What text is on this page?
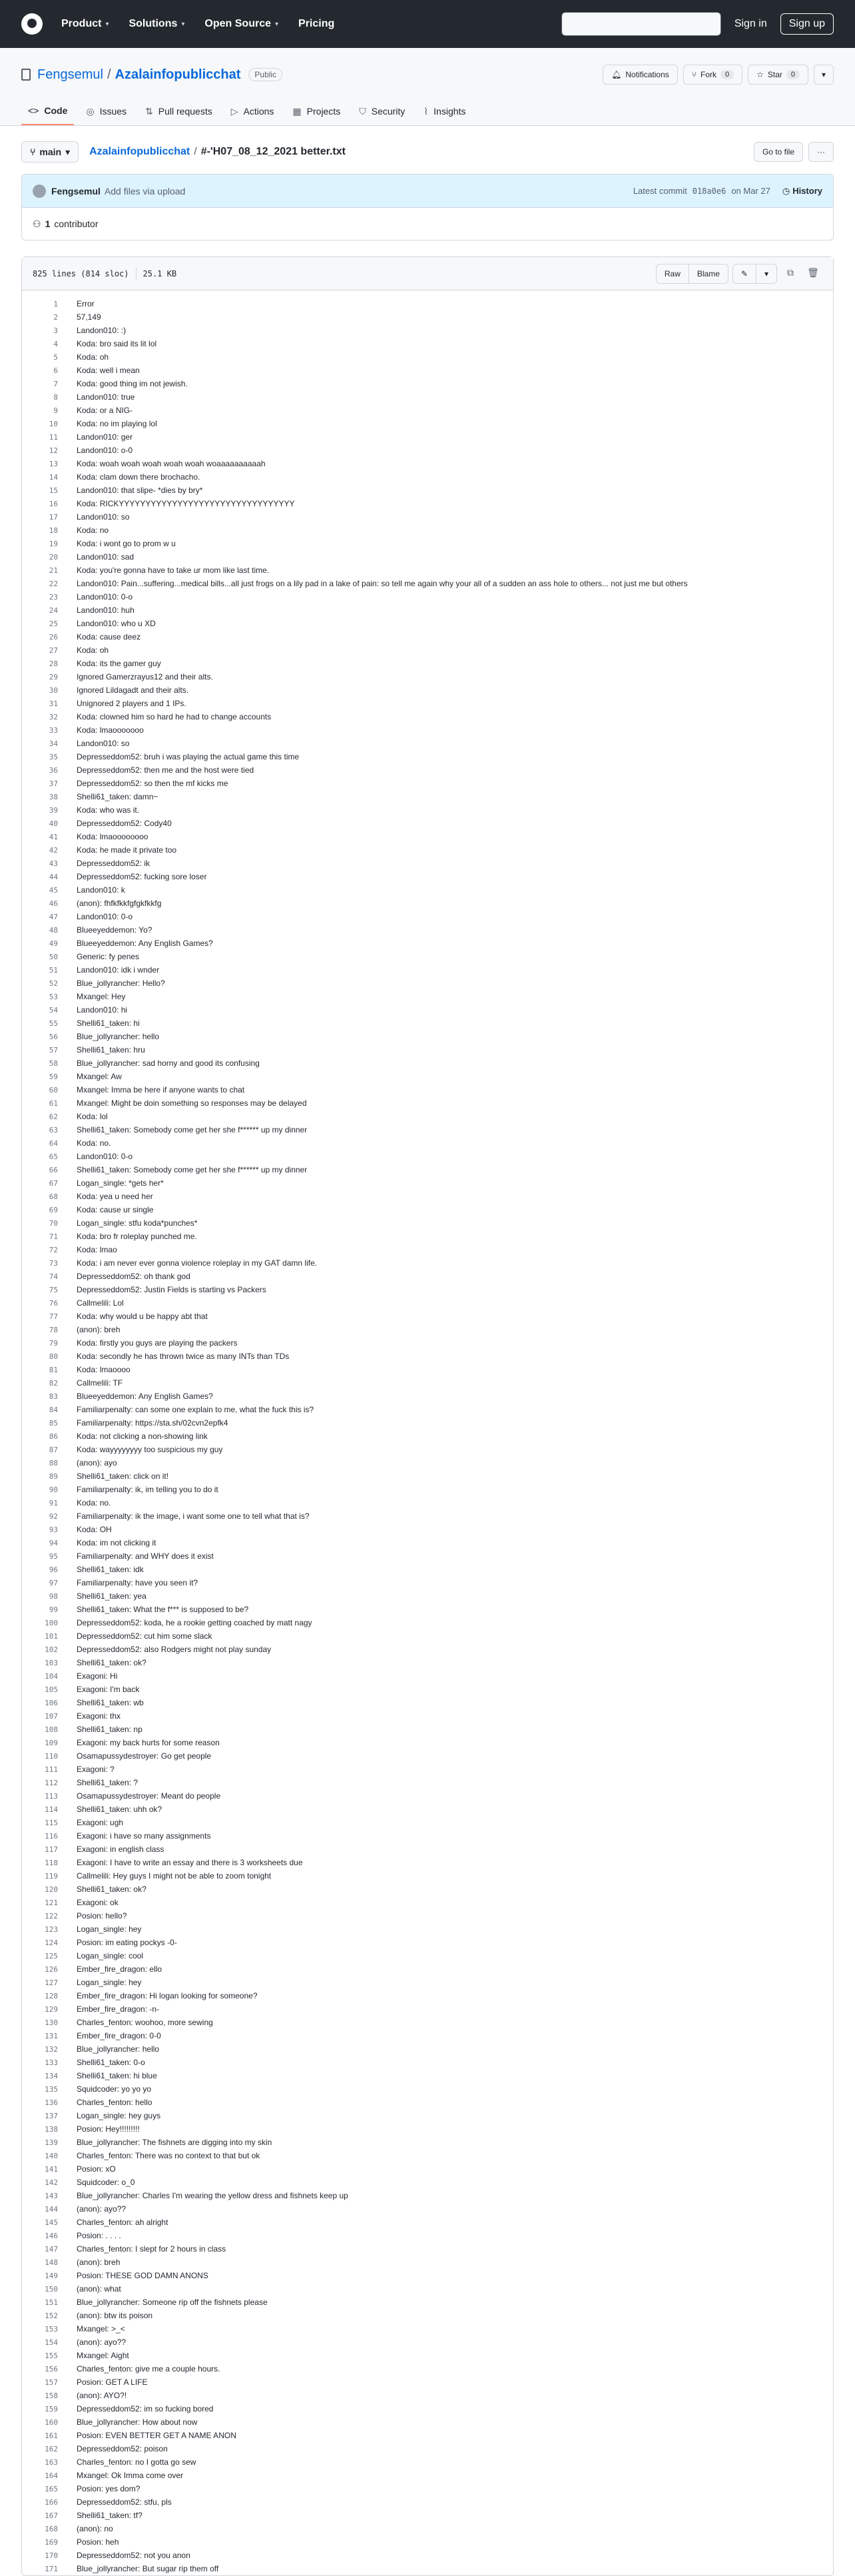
Product ▾ Solutions ▾ Open Source ▾ Pricing	Sign in	Sign up
Fengsemul / Azalainfopublicchat	Public	🔔︎ Notifications	⑂ Fork	0	☆ Star	0	▾
<> Code ◎ Issues ⇅ Pull requests ▷ Actions ▦ Projects ⛉ Security ⌇ Insights
⑂ main ▾ Azalainfopublicchat / #-'H07_08_12_2021 better.txt	Go to file	···
Fengsemul Add files via upload	Latest commit 018a0e6 on Mar 27 ◷ History
⚇ 1 contributor
825 lines (814 sloc) 25.1 KB	Raw	Blame	✎ ▾ ⧉ 🗑︎
1	Error
2	57,149
3	Landon010: :)
4	Koda: bro said its lit lol
5	Koda: oh
6	Koda: well i mean
7	Koda: good thing im not jewish.
8	Landon010: true
9	Koda: or a NIG-
10	Koda: no im playing lol
11	Landon010: ger
12	Landon010: o-0
13	Koda: woah woah woah woah woah woaaaaaaaaaah
14	Koda: clam down there brochacho.
15	Landon010: that slipe- *dies by bry*
16	Koda: RICKYYYYYYYYYYYYYYYYYYYYYYYYYYYYYYYYY
17	Landon010: so
18	Koda: no
19	Koda: i wont go to prom w u
20	Landon010: sad
21	Koda: you're gonna have to take ur mom like last time.
22	Landon010: Pain...suffering...medical bills...all just frogs on a lily pad in a lake of pain: so tell me again why your all of a sudden an ass hole to others... not just me but others
23	Landon010: 0-o
24	Landon010: huh
25	Landon010: who u XD
26	Koda: cause deez
27	Koda: oh
28	Koda: its the gamer guy
29	Ignored Gamerzrayus12 and their alts.
30	Ignored Lildagadt and their alts.
31	Unignored 2 players and 1 IPs.
32	Koda: clowned him so hard he had to change accounts
33	Koda: lmaooooooo
34	Landon010: so
35	Depresseddom52: bruh i was playing the actual game this time
36	Depresseddom52: then me and the host were tied
37	Depresseddom52: so then the mf kicks me
38	Shelli61_taken: damn~
39	Koda: who was it.
40	Depresseddom52: Cody40
41	Koda: lmaoooooooo
42	Koda: he made it private too
43	Depresseddom52: ik
44	Depresseddom52: fucking sore loser
45	Landon010: k
46	(anon): fhfkfkkfgfgkfkkfg
47	Landon010: 0-o
48	Blueeyeddemon: Yo?
49	Blueeyeddemon: Any English Games?
50	Generic: fy penes
51	Landon010: idk i wnder
52	Blue_jollyrancher: Hello?
53	Mxangel: Hey
54	Landon010: hi
55	Shelli61_taken: hi
56	Blue_jollyrancher: hello
57	Shelli61_taken: hru
58	Blue_jollyrancher: sad horny and good its confusing
59	Mxangel: Aw
60	Mxangel: Imma be here if anyone wants to chat
61	Mxangel: Might be doin something so responses may be delayed
62	Koda: lol
63	Shelli61_taken: Somebody come get her she f****** up my dinner
64	Koda: no.
65	Landon010: 0-o
66	Shelli61_taken: Somebody come get her she f****** up my dinner
67	Logan_single: *gets her*
68	Koda: yea u need her
69	Koda: cause ur single
70	Logan_single: stfu koda*punches*
71	Koda: bro fr roleplay punched me.
72	Koda: lmao
73	Koda: i am never ever gonna violence roleplay in my GAT damn life.
74	Depresseddom52: oh thank god
75	Depresseddom52: Justin Fields is starting vs Packers
76	Callmelili: Lol
77	Koda: why would u be happy abt that
78	(anon): breh
79	Koda: firstly you guys are playing the packers
80	Koda: secondly he has thrown twice as many INTs than TDs
81	Koda: lmaoooo
82	Callmelili: TF
83	Blueeyeddemon: Any English Games?
84	Familiarpenalty: can some one explain to me, what the fuck this is?
85	Familiarpenalty: https://sta.sh/02cvn2epfk4
86	Koda: not clicking a non-showing link
87	Koda: wayyyyyyyy too suspicious my guy
88	(anon): ayo
89	Shelli61_taken: click on it!
90	Familiarpenalty: ik, im telling you to do it
91	Koda: no.
92	Familiarpenalty: ik the image, i want some one to tell what that is?
93	Koda: OH
94	Koda: im not clicking it
95	Familiarpenalty: and WHY does it exist
96	Shelli61_taken: idk
97	Familiarpenalty: have you seen it?
98	Shelli61_taken: yea
99	Shelli61_taken: What the f*** is supposed to be?
100	Depresseddom52: koda, he a rookie getting coached by matt nagy
101	Depresseddom52: cut him some slack
102	Depresseddom52: also Rodgers might not play sunday
103	Shelli61_taken: ok?
104	Exagoni: Hi
105	Exagoni: I'm back
106	Shelli61_taken: wb
107	Exagoni: thx
108	Shelli61_taken: np
109	Exagoni: my back hurts for some reason
110	Osamapussydestroyer: Go get people
111	Exagoni: ?
112	Shelli61_taken: ?
113	Osamapussydestroyer: Meant do people
114	Shelli61_taken: uhh ok?
115	Exagoni: ugh
116	Exagoni: i have so many assignments
117	Exagoni: in english class
118	Exagoni: I have to write an essay and there is 3 worksheets due
119	Callmelili: Hey guys I might not be able to zoom tonight
120	Shelli61_taken: ok?
121	Exagoni: ok
122	Posion: hello?
123	Logan_single: hey
124	Posion: im eating pockys -0-
125	Logan_single: cool
126	Ember_fire_dragon: ello
127	Logan_single: hey
128	Ember_fire_dragon: Hi logan looking for someone?
129	Ember_fire_dragon: -n-
130	Charles_fenton: woohoo, more sewing
131	Ember_fire_dragon: 0-0
132	Blue_jollyrancher: hello
133	Shelli61_taken: 0-o
134	Shelli61_taken: hi blue
135	Squidcoder: yo yo yo
136	Charles_fenton: hello
137	Logan_single: hey guys
138	Posion: Hey!!!!!!!!!
139	Blue_jollyrancher: The fishnets are digging into my skin
140	Charles_fenton: There was no context to that but ok
141	Posion: xO
142	Squidcoder: o_0
143	Blue_jollyrancher: Charles I'm wearing the yellow dress and fishnets keep up
144	(anon): ayo??
145	Charles_fenton: ah alright
146	Posion: . . . .
147	Charles_fenton: I slept for 2 hours in class
148	(anon): breh
149	Posion: THESE GOD DAMN ANONS
150	(anon): what
151	Blue_jollyrancher: Someone rip off the fishnets please
152	(anon): btw its poison
153	Mxangel: >_<
154	(anon): ayo??
155	Mxangel: Aight
156	Charles_fenton: give me a couple hours.
157	Posion: GET A LIFE
158	(anon): AYO?!
159	Depresseddom52: im so fucking bored
160	Blue_jollyrancher: How about now
161	Posion: EVEN BETTER GET A NAME ANON
162	Depresseddom52: poison
163	Charles_fenton: no I gotta go sew
164	Mxangel: Ok Imma come over
165	Posion: yes dom?
166	Depresseddom52: stfu, pls
167	Shelli61_taken: tf?
168	(anon): no
169	Posion: heh
170	Depresseddom52: not you anon
171	Blue_jollyrancher: But sugar rip them off
